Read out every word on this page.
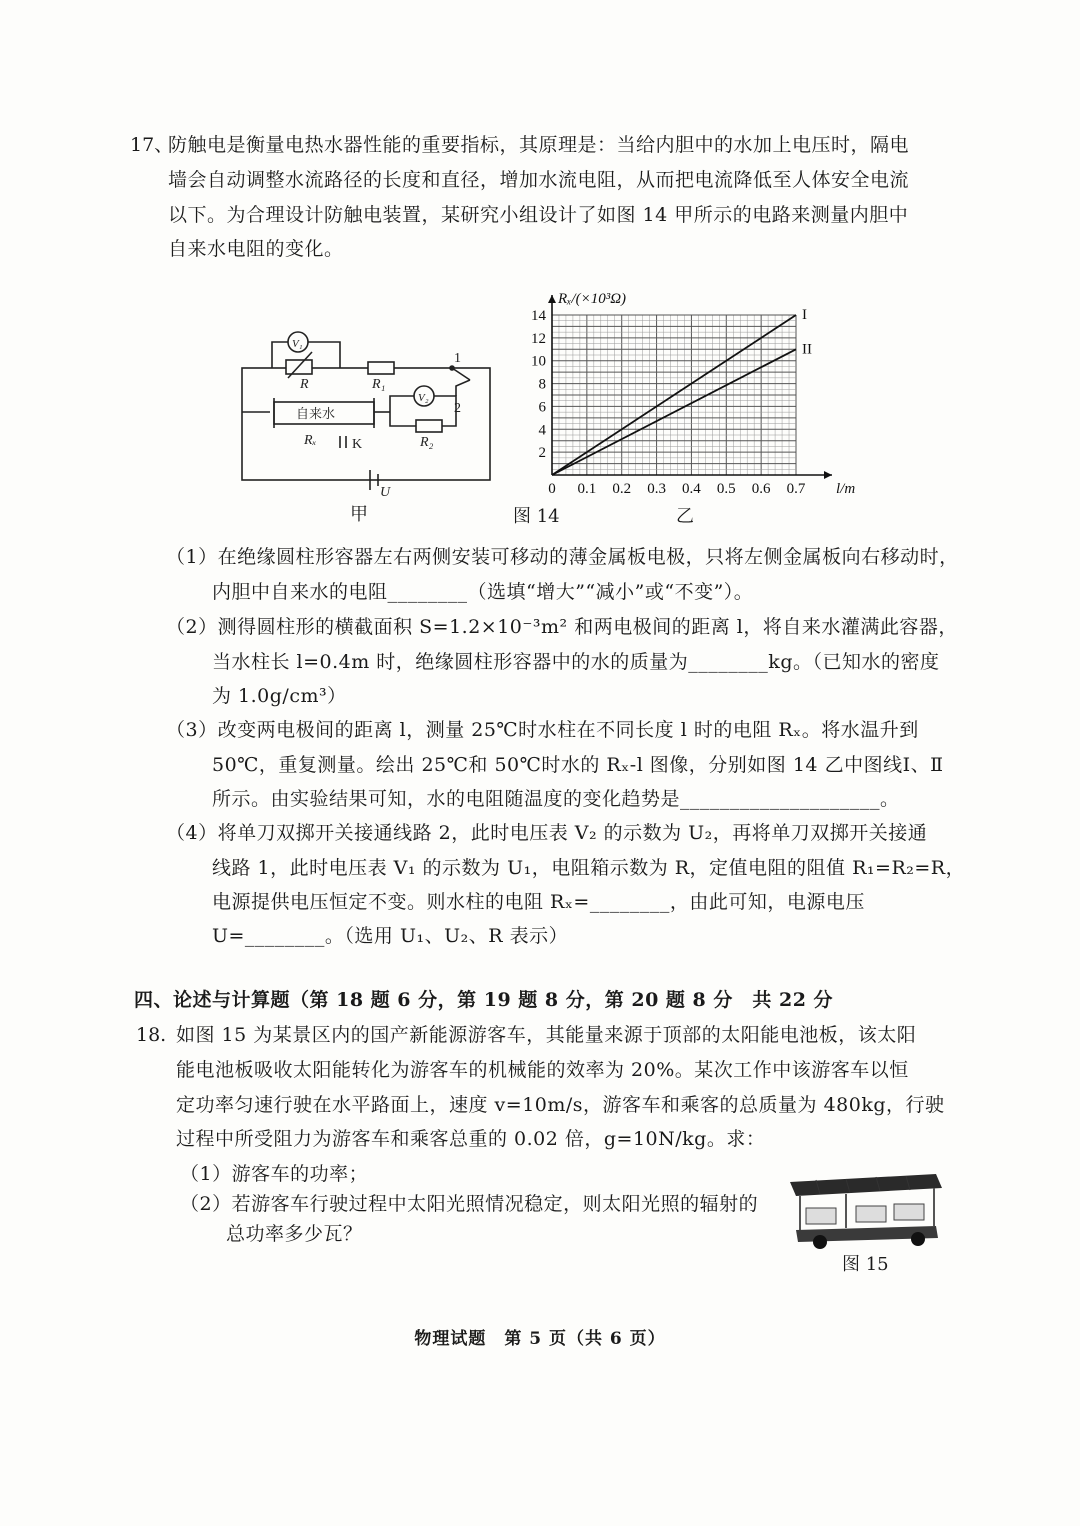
17、
防触电是衡量电热水器性能的重要指标，其原理是：当给内胆中的水加上电压时，隔电
墙会自动调整水流路径的长度和直径，增加水流电阻，从而把电流降低至人体安全电流
以下。为合理设计防触电装置，某研究小组设计了如图 14 甲所示的电路来测量内胆中
自来水电阻的变化。
V₁
R	R₁
1
V₂
2
自来水
Rₓ	K	R₂
U
甲
0 0.1 0.2 0.3 0.4 0.5 0.6 0.7
2
4
6
8
10
12
14
l/m
Rₓ/(×10³Ω)
I
II
图 14	乙
（1）在绝缘圆柱形容器左右两侧安装可移动的薄金属板电极，只将左侧金属板向右移动时，
内胆中自来水的电阻________（选填“增大”“减小”或“不变”）。
（2）测得圆柱形的横截面积 S=1.2×10⁻³m² 和两电极间的距离 l，将自来水灌满此容器，
当水柱长 l=0.4m 时，绝缘圆柱形容器中的水的质量为________kg。（已知水的密度
为 1.0g/cm³）
（3）改变两电极间的距离 l，测量 25℃时水柱在不同长度 l 时的电阻 Rₓ。将水温升到
50℃，重复测量。绘出 25℃和 50℃时水的 Rₓ-l 图像，分别如图 14 乙中图线Ⅰ、Ⅱ
所示。由实验结果可知，水的电阻随温度的变化趋势是____________________。
（4）将单刀双掷开关接通线路 2，此时电压表 V₂ 的示数为 U₂，再将单刀双掷开关接通
线路 1，此时电压表 V₁ 的示数为 U₁，电阻箱示数为 R，定值电阻的阻值 R₁=R₂=R，
电源提供电压恒定不变。则水柱的电阻 Rₓ=________，由此可知，电源电压
U=________。（选用 U₁、U₂、R 表示）
四、论述与计算题（第 18 题 6 分，第 19 题 8 分，第 20 题 8 分　共 22 分
18. 如图 15 为某景区内的国产新能源游客车，其能量来源于顶部的太阳能电池板，该太阳
能电池板吸收太阳能转化为游客车的机械能的效率为 20%。某次工作中该游客车以恒
定功率匀速行驶在水平路面上，速度 v=10m/s，游客车和乘客的总质量为 480kg，行驶
过程中所受阻力为游客车和乘客总重的 0.02 倍，g=10N/kg。求：
（1）游客车的功率；
（2）若游客车行驶过程中太阳光照情况稳定，则太阳光照的辐射的
总功率多少瓦？
图 15
物理试题　第 5 页（共 6 页）
